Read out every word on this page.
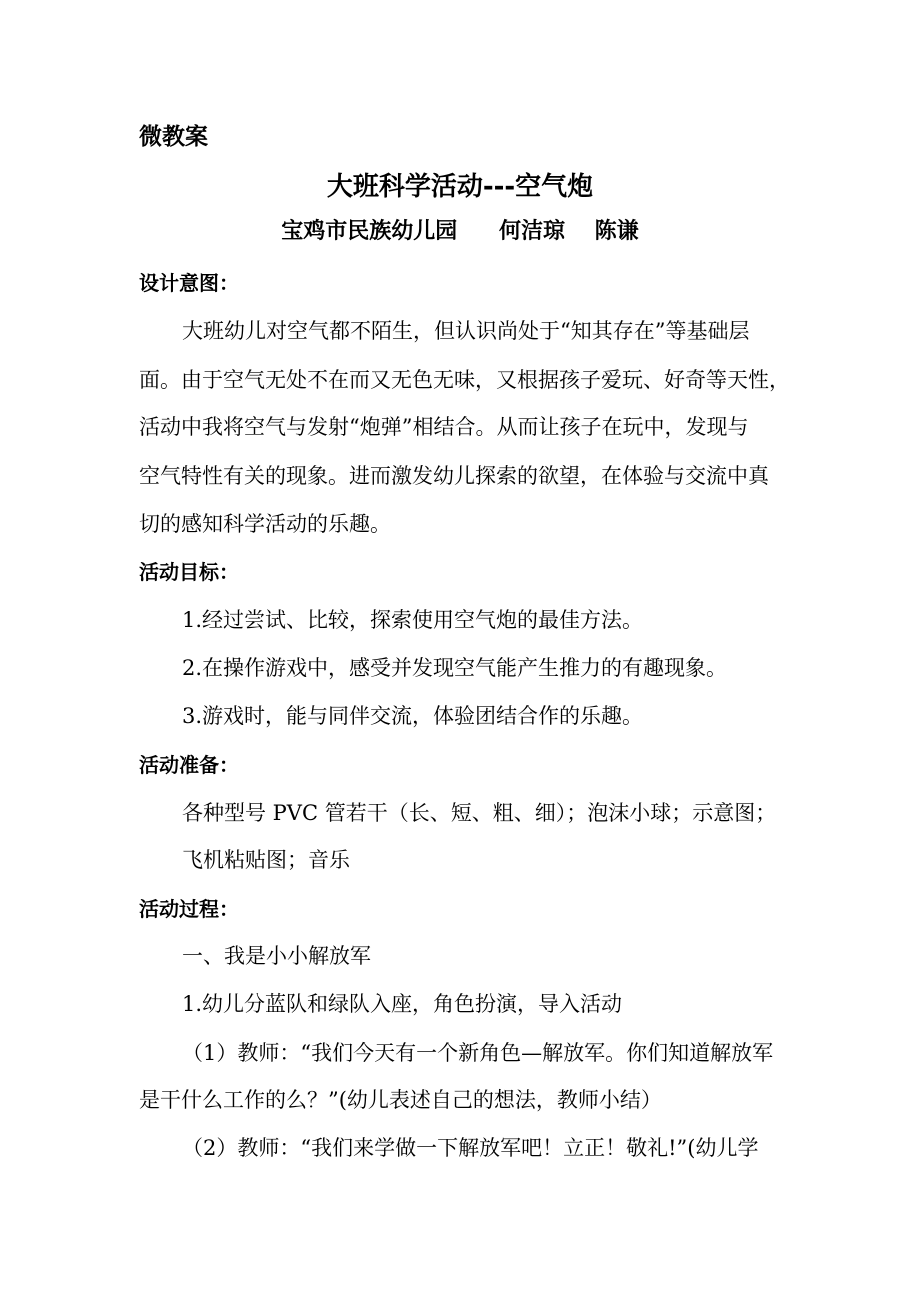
微教案
大班科学活动---空气炮
宝鸡市民族幼儿园 何洁琼 陈谦
设计意图：
大班幼儿对空气都不陌生，但认识尚处于“知其存在”等基础层
面。由于空气无处不在而又无色无味，又根据孩子爱玩、好奇等天性，
活动中我将空气与发射“炮弹”相结合。从而让孩子在玩中，发现与
空气特性有关的现象。进而激发幼儿探索的欲望，在体验与交流中真
切的感知科学活动的乐趣。
活动目标：
1.经过尝试、比较，探索使用空气炮的最佳方法。
2.在操作游戏中，感受并发现空气能产生推力的有趣现象。
3.游戏时，能与同伴交流，体验团结合作的乐趣。
活动准备：
各种型号 PVC 管若干（长、短、粗、细）；泡沫小球；示意图；
飞机粘贴图；音乐
活动过程：
一、我是小小解放军
1.幼儿分蓝队和绿队入座，角色扮演，导入活动
（1）教师：“我们今天有一个新角色—解放军。你们知道解放军
是干什么工作的么？”(幼儿表述自己的想法，教师小结）
（2）教师：“我们来学做一下解放军吧！立正！敬礼!”(幼儿学
